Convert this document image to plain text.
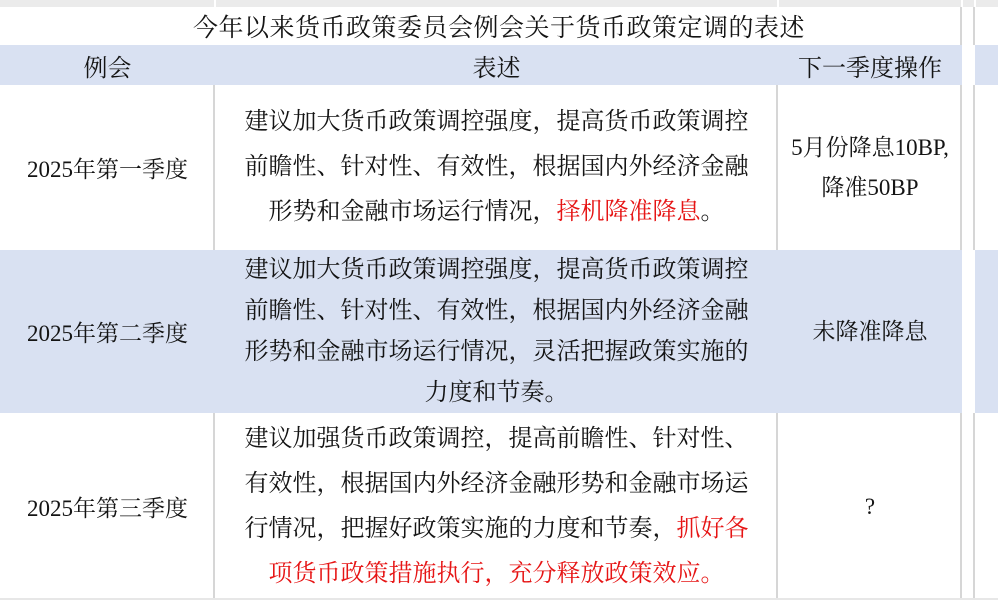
今年以来货币政策委员会例会关于货币政策定调的表述
例会	表述	下一季度操作
2025年第一季度
建议加大货币政策调控强度，提高货币政策调控
前瞻性、针对性、有效性，根据国内外经济金融
形势和金融市场运行情况，择机降准降息。
5月份降息10BP,
降准50BP
2025年第二季度
建议加大货币政策调控强度，提高货币政策调控
前瞻性、针对性、有效性，根据国内外经济金融
形势和金融市场运行情况，灵活把握政策实施的
力度和节奏。
未降准降息
2025年第三季度
建议加强货币政策调控，提高前瞻性、针对性、
有效性，根据国内外经济金融形势和金融市场运
行情况，把握好政策实施的力度和节奏，抓好各
项货币政策措施执行，充分释放政策效应。
?
